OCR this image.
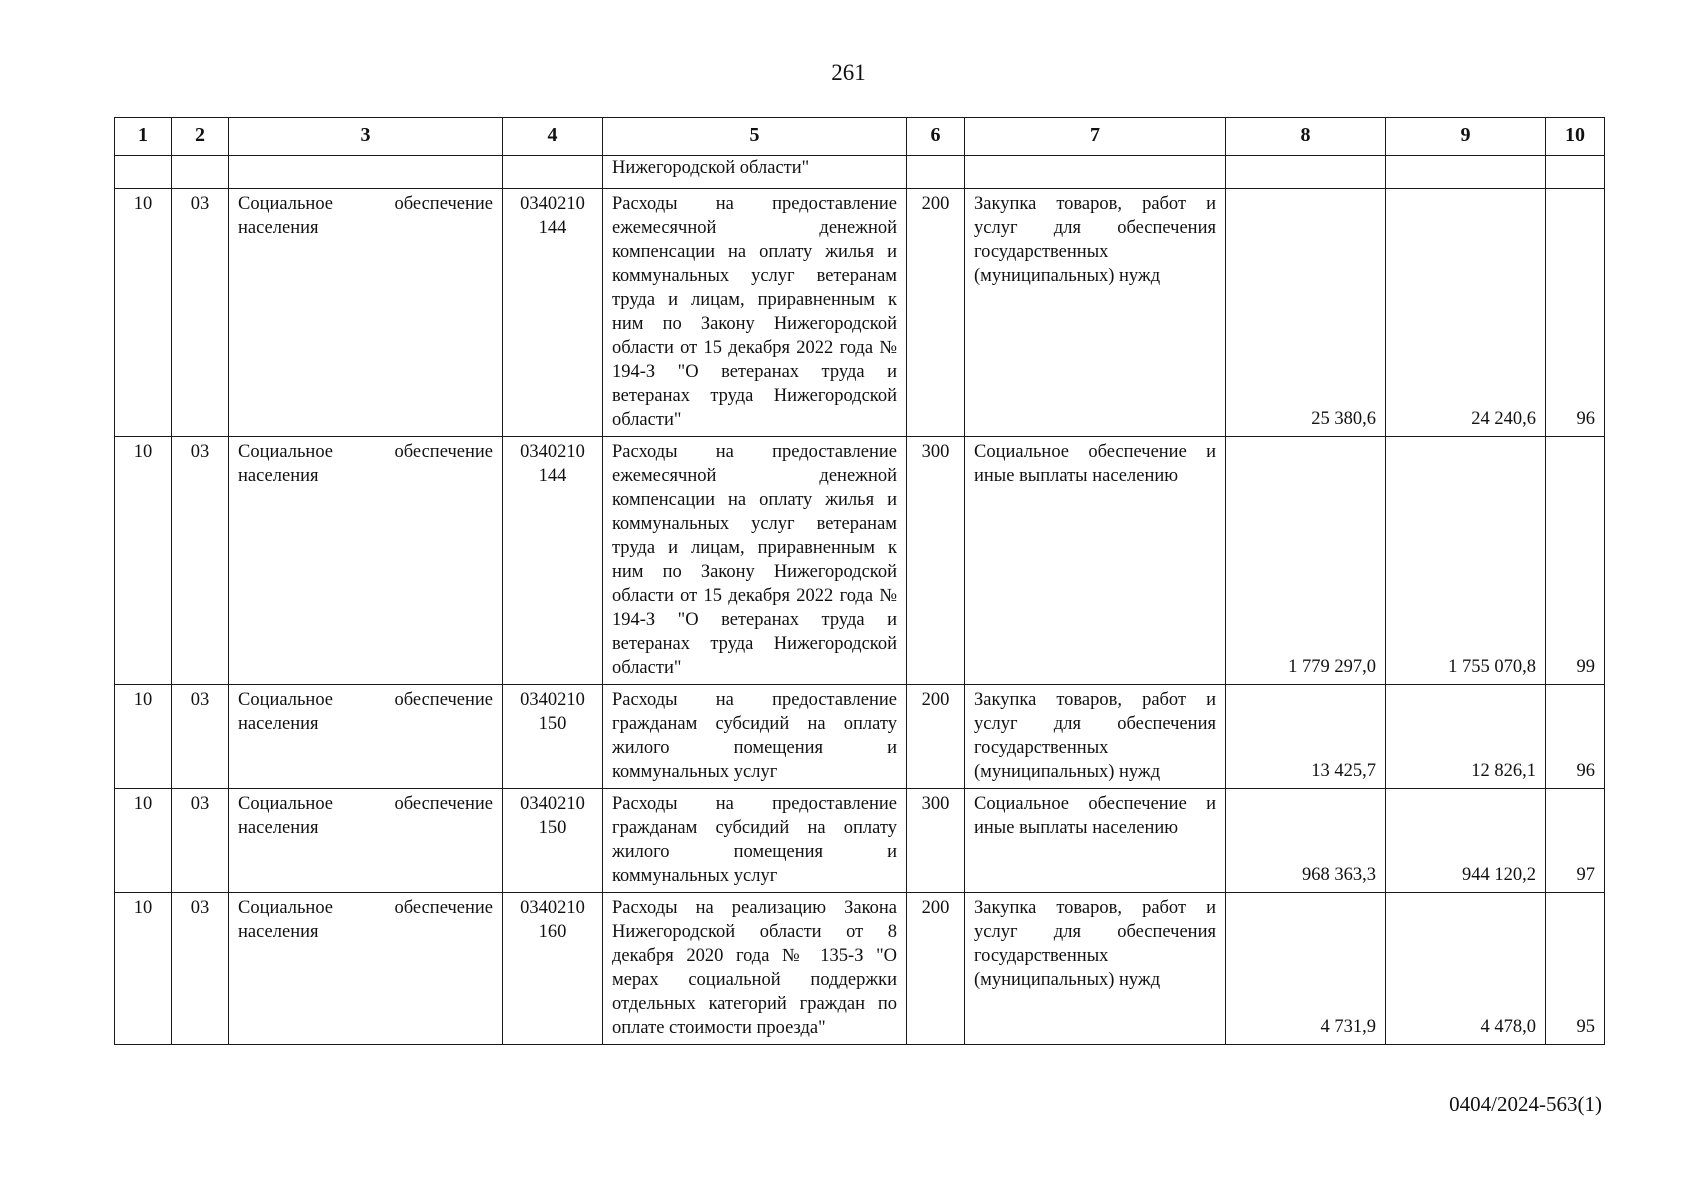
261
1	2	3	4	5	6	7	8	9	10
				Нижегородской области"					
10	03	Социальное обеспечение населения	0340210 144	Расходы на предоставление ежемесячной денежной компенсации на оплату жилья и коммунальных услуг ветеранам труда и лицам, приравненным к ним по Закону Нижегородской области от 15 декабря 2022 года № 194-З "О ветеранах труда и ветеранах труда Нижегородской области"	200	Закупка товаров, работ и услуг для обеспечения государственных (муниципальных) нужд	25 380,6	24 240,6	96
10	03	Социальное обеспечение населения	0340210 144	Расходы на предоставление ежемесячной денежной компенсации на оплату жилья и коммунальных услуг ветеранам труда и лицам, приравненным к ним по Закону Нижегородской области от 15 декабря 2022 года № 194-З "О ветеранах труда и ветеранах труда Нижегородской области"	300	Социальное обеспечение и иные выплаты населению	1 779 297,0	1 755 070,8	99
10	03	Социальное обеспечение населения	0340210 150	Расходы на предоставление гражданам субсидий на оплату жилого помещения и коммунальных услуг	200	Закупка товаров, работ и услуг для обеспечения государственных (муниципальных) нужд	13 425,7	12 826,1	96
10	03	Социальное обеспечение населения	0340210 150	Расходы на предоставление гражданам субсидий на оплату жилого помещения и коммунальных услуг	300	Социальное обеспечение и иные выплаты населению	968 363,3	944 120,2	97
10	03	Социальное обеспечение населения	0340210 160	Расходы на реализацию Закона Нижегородской области от 8 декабря 2020 года № 135-З "О мерах социальной поддержки отдельных категорий граждан по оплате стоимости проезда"	200	Закупка товаров, работ и услуг для обеспечения государственных (муниципальных) нужд	4 731,9	4 478,0	95
0404/2024-563(1)
